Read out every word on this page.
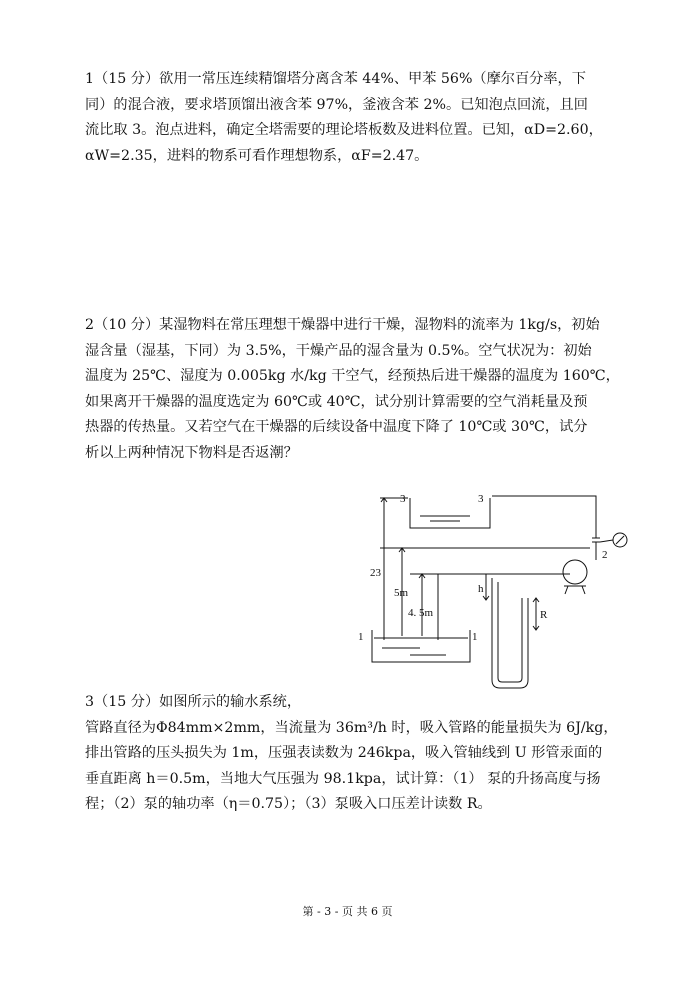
1（15 分）欲用一常压连续精馏塔分离含苯 44%、甲苯 56%（摩尔百分率，下
同）的混合液，要求塔顶馏出液含苯 97%，釜液含苯 2%。已知泡点回流，且回
流比取 3。泡点进料，确定全塔需要的理论塔板数及进料位置。已知，αD=2.60，
αW=2.35，进料的物系可看作理想物系，αF=2.47。
2（10 分）某湿物料在常压理想干燥器中进行干燥，湿物料的流率为 1kg/s，初始
湿含量（湿基，下同）为 3.5%，干燥产品的湿含量为 0.5%。空气状况为：初始
温度为 25℃、湿度为 0.005kg 水/kg 干空气，经预热后进干燥器的温度为 160℃，
如果离开干燥器的温度选定为 60℃或 40℃，试分别计算需要的空气消耗量及预
热器的传热量。又若空气在干燥器的后续设备中温度下降了 10℃或 30℃，试分
析以上两种情况下物料是否返潮？
3	3
23
5m
4. 5m
1	1
2
h
R
3（15 分）如图所示的输水系统，
管路直径为Φ84mm×2mm，当流量为 36m³/h 时，吸入管路的能量损失为 6J/kg，
排出管路的压头损失为 1m，压强表读数为 246kpa，吸入管轴线到 U 形管汞面的
垂直距离 h＝0.5m，当地大气压强为 98.1kpa，试计算：（1） 泵的升扬高度与扬
程；（2）泵的轴功率（η＝0.75）；（3）泵吸入口压差计读数 R。
第 - 3 - 页 共 6 页
